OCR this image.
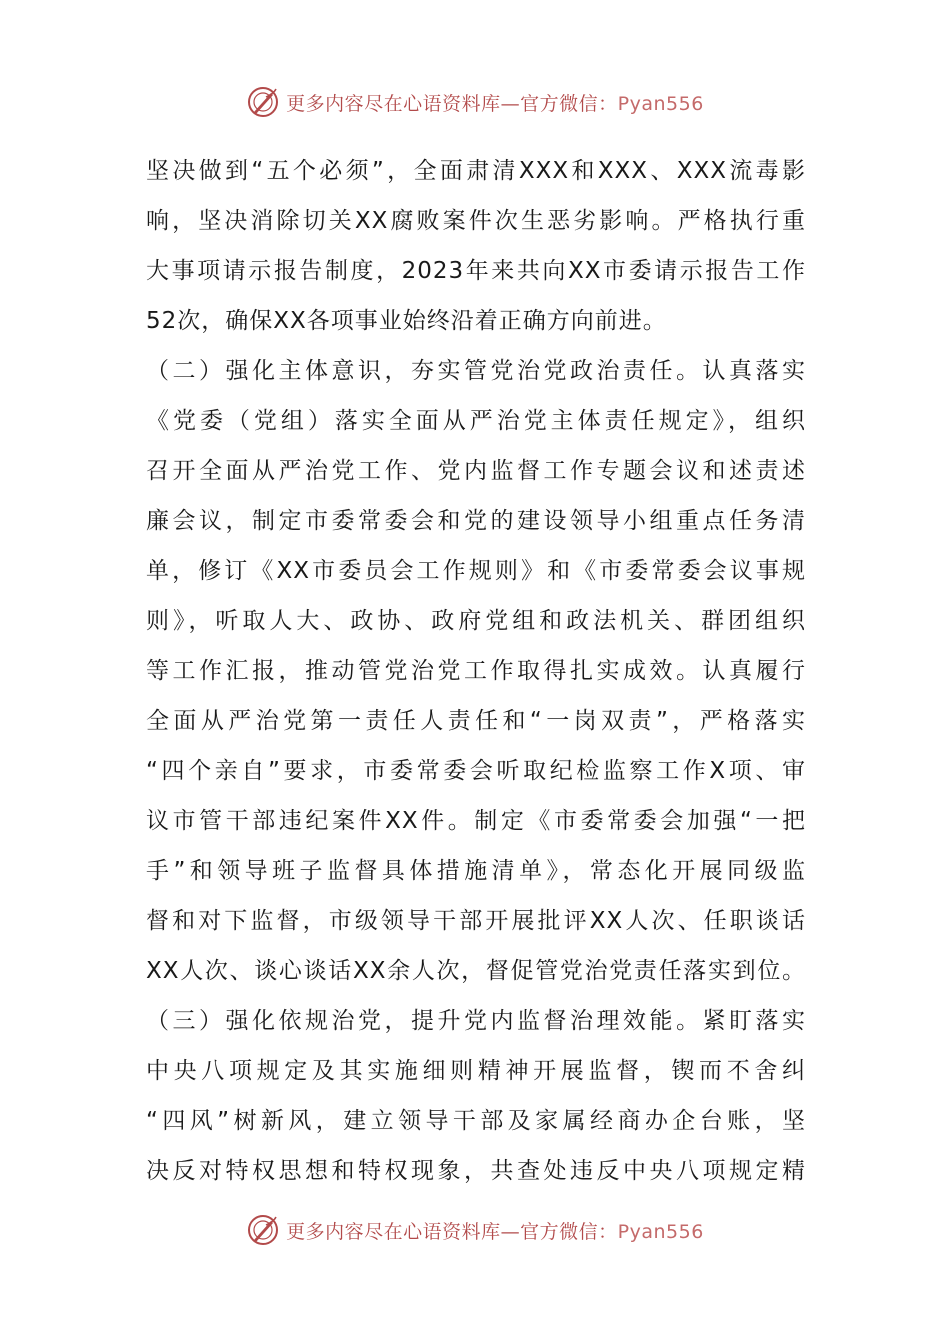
更多内容尽在心语资料库—官方微信：Pyan556
坚决做到“五个必须”，全面肃清XXX和XXX、XXX流毒影
响，坚决消除切关XX腐败案件次生恶劣影响。严格执行重
大事项请示报告制度，2023年来共向XX市委请示报告工作
52次，确保XX各项事业始终沿着正确方向前进。
（二）强化主体意识，夯实管党治党政治责任。认真落实
《党委（党组）落实全面从严治党主体责任规定》，组织
召开全面从严治党工作、党内监督工作专题会议和述责述
廉会议，制定市委常委会和党的建设领导小组重点任务清
单，修订《XX市委员会工作规则》和《市委常委会议事规
则》，听取人大、政协、政府党组和政法机关、群团组织
等工作汇报，推动管党治党工作取得扎实成效。认真履行
全面从严治党第一责任人责任和“一岗双责”，严格落实
“四个亲自”要求，市委常委会听取纪检监察工作X项、审
议市管干部违纪案件XX件。制定《市委常委会加强“一把
手”和领导班子监督具体措施清单》，常态化开展同级监
督和对下监督，市级领导干部开展批评XX人次、任职谈话
XX人次、谈心谈话XX余人次，督促管党治党责任落实到位。
（三）强化依规治党，提升党内监督治理效能。紧盯落实
中央八项规定及其实施细则精神开展监督，锲而不舍纠
“四风”树新风，建立领导干部及家属经商办企台账，坚
决反对特权思想和特权现象，共查处违反中央八项规定精
更多内容尽在心语资料库—官方微信：Pyan556
